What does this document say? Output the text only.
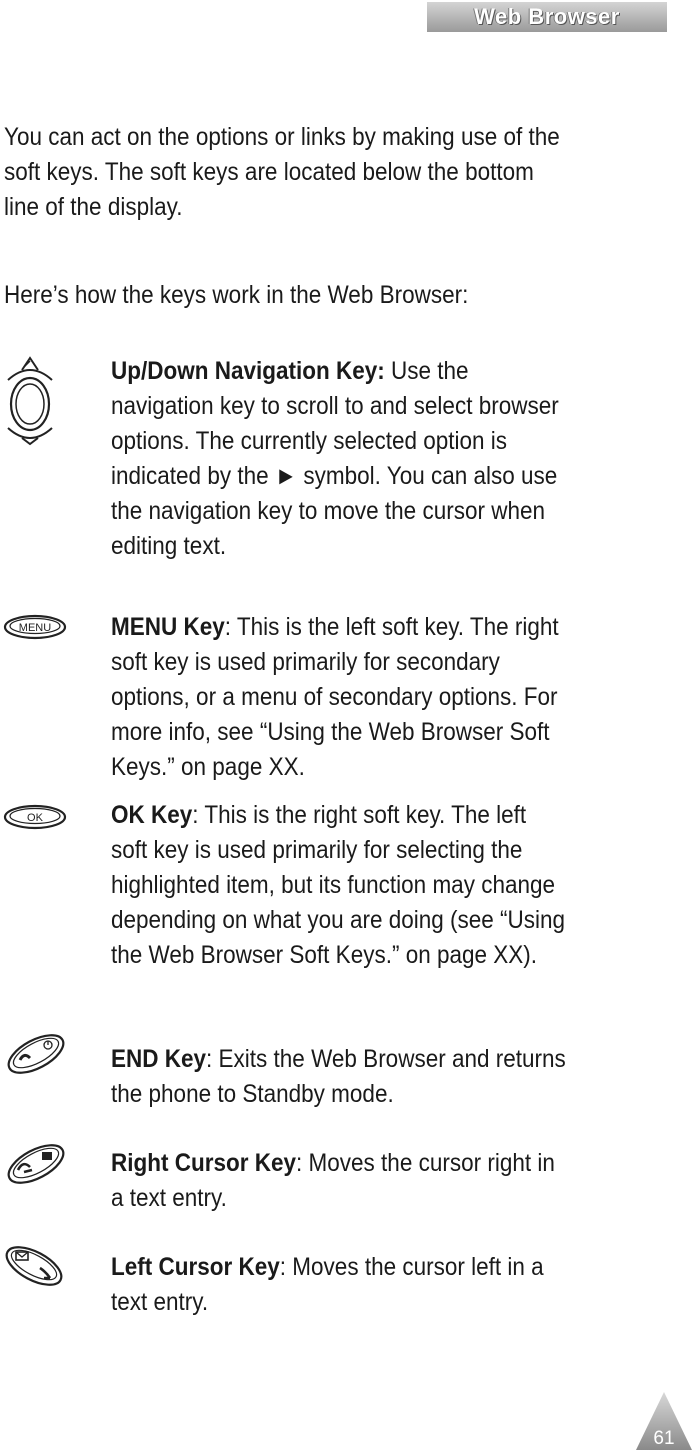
Web Browser
You can act on the options or links by making use of the
soft keys. The soft keys are located below the bottom
line of the display.
Here’s how the keys work in the Web Browser:
Up/Down Navigation Key: Use the
navigation key to scroll to and select browser
options. The currently selected option is
indicated by the ► symbol. You can also use
the navigation key to move the cursor when
editing text.
MENU MENU Key: This is the left soft key. The right
soft key is used primarily for secondary
options, or a menu of secondary options. For
more info, see “Using the Web Browser Soft
Keys.” on page XX.
OK	OK Key: This is the right soft key. The left
soft key is used primarily for selecting the
highlighted item, but its function may change
depending on what you are doing (see “Using
the Web Browser Soft Keys.” on page XX).
END Key: Exits the Web Browser and returns
the phone to Standby mode.
Right Cursor Key: Moves the cursor right in
a text entry.
Left Cursor Key: Moves the cursor left in a
text entry.
61
